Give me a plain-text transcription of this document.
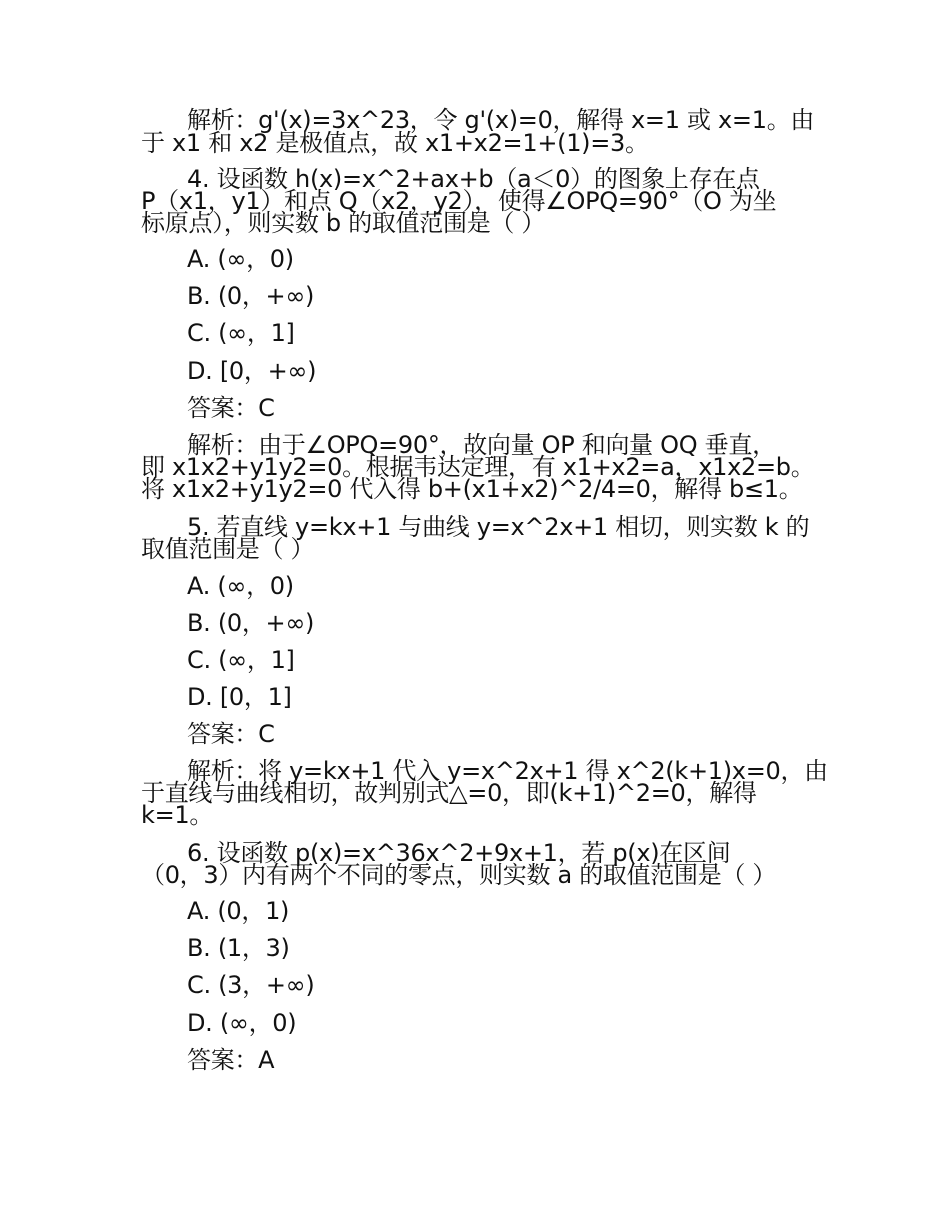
解析：g'(x)=3x^23，令 g'(x)=0，解得 x=1 或 x=1。由
于 x1 和 x2 是极值点，故 x1+x2=1+(1)=3。
4. 设函数 h(x)=x^2+ax+b（a＜0）的图象上存在点
P（x1，y1）和点 Q（x2，y2），使得∠OPQ=90°（O 为坐
标原点），则实数 b 的取值范围是（ ）
A. (∞，0)
B. (0，+∞)
C. (∞，1]
D. [0，+∞)
答案：C
解析：由于∠OPQ=90°，故向量 OP 和向量 OQ 垂直，
即 x1x2+y1y2=0。根据韦达定理，有 x1+x2=a，x1x2=b。
将 x1x2+y1y2=0 代入得 b+(x1+x2)^2/4=0，解得 b≤1。
5. 若直线 y=kx+1 与曲线 y=x^2x+1 相切，则实数 k 的
取值范围是（ ）
A. (∞，0)
B. (0，+∞)
C. (∞，1]
D. [0，1]
答案：C
解析：将 y=kx+1 代入 y=x^2x+1 得 x^2(k+1)x=0，由
于直线与曲线相切，故判别式△=0，即(k+1)^2=0，解得
k=1。
6. 设函数 p(x)=x^36x^2+9x+1，若 p(x)在区间
（0，3）内有两个不同的零点，则实数 a 的取值范围是（ ）
A. (0，1)
B. (1，3)
C. (3，+∞)
D. (∞，0)
答案：A
